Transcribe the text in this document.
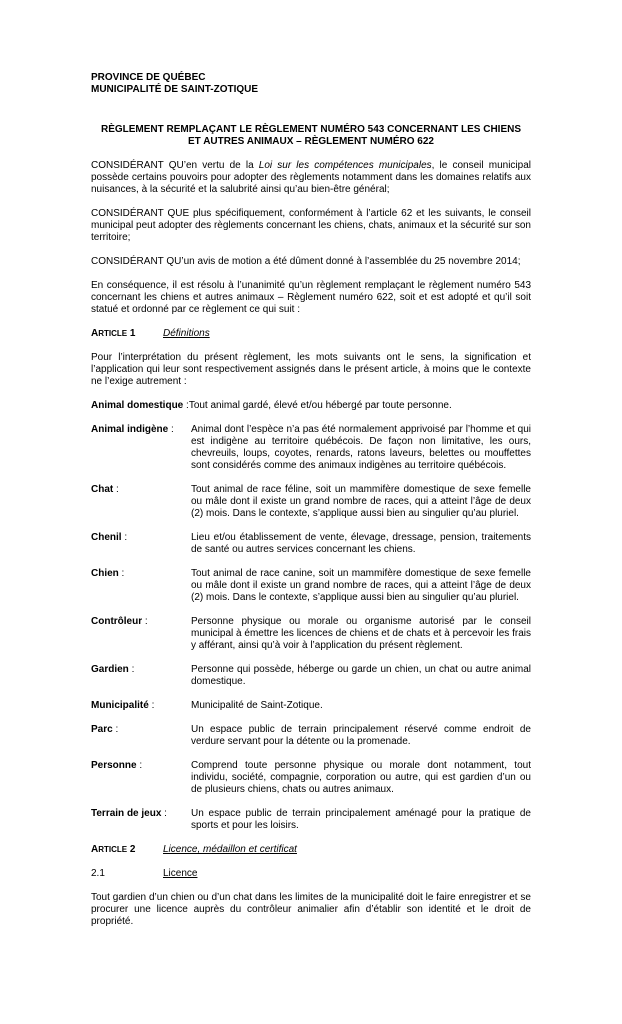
PROVINCE DE QUÉBEC
MUNICIPALITÉ DE SAINT-ZOTIQUE
RÈGLEMENT REMPLAÇANT LE RÈGLEMENT NUMÉRO 543 CONCERNANT LES CHIENS
ET AUTRES ANIMAUX – RÈGLEMENT NUMÉRO 622
CONSIDÉRANT QU’en vertu de la Loi sur les compétences municipales, le conseil municipal possède certains pouvoirs pour adopter des règlements notamment dans les domaines relatifs aux nuisances, à la sécurité et la salubrité ainsi qu’au bien-être général;
CONSIDÉRANT QUE plus spécifiquement, conformément à l’article 62 et les suivants, le conseil municipal peut adopter des règlements concernant les chiens, chats, animaux et la sécurité sur son territoire;
CONSIDÉRANT QU’un avis de motion a été dûment donné à l’assemblée du 25 novembre 2014;
En conséquence, il est résolu à l’unanimité qu’un règlement remplaçant le règlement numéro 543 concernant les chiens et autres animaux – Règlement numéro 622, soit et est adopté et qu’il soit statué et ordonné par ce règlement ce qui suit :
ARTICLE 1	Définitions
Pour l’interprétation du présent règlement, les mots suivants ont le sens, la signification et l’application qui leur sont respectivement assignés dans le présent article, à moins que le contexte ne l’exige autrement :
Animal domestique : Tout animal gardé, élevé et/ou hébergé par toute personne.
Animal indigène :	Animal dont l’espèce n’a pas été normalement apprivoisé par l’homme et qui est indigène au territoire québécois. De façon non limitative, les ours, chevreuils, loups, coyotes, renards, ratons laveurs, belettes ou mouffettes sont considérés comme des animaux indigènes au territoire québécois.
Chat :	Tout animal de race féline, soit un mammifère domestique de sexe femelle ou mâle dont il existe un grand nombre de races, qui a atteint l’âge de deux (2) mois. Dans le contexte, s’applique aussi bien au singulier qu’au pluriel.
Chenil :	Lieu et/ou établissement de vente, élevage, dressage, pension, traitements de santé ou autres services concernant les chiens.
Chien :	Tout animal de race canine, soit un mammifère domestique de sexe femelle ou mâle dont il existe un grand nombre de races, qui a atteint l’âge de deux (2) mois. Dans le contexte, s’applique aussi bien au singulier qu’au pluriel.
Contrôleur :	Personne physique ou morale ou organisme autorisé par le conseil municipal à émettre les licences de chiens et de chats et à percevoir les frais y afférant, ainsi qu’à voir à l’application du présent règlement.
Gardien :	Personne qui possède, héberge ou garde un chien, un chat ou autre animal domestique.
Municipalité :	Municipalité de Saint-Zotique.
Parc :	Un espace public de terrain principalement réservé comme endroit de verdure servant pour la détente ou la promenade.
Personne :	Comprend toute personne physique ou morale dont notamment, tout individu, société, compagnie, corporation ou autre, qui est gardien d’un ou de plusieurs chiens, chats ou autres animaux.
Terrain de jeux :	Un espace public de terrain principalement aménagé pour la pratique de sports et pour les loisirs.
ARTICLE 2	Licence, médaillon et certificat
2.1	Licence
Tout gardien d’un chien ou d’un chat dans les limites de la municipalité doit le faire enregistrer et se procurer une licence auprès du contrôleur animalier afin d’établir son identité et le droit de propriété.
